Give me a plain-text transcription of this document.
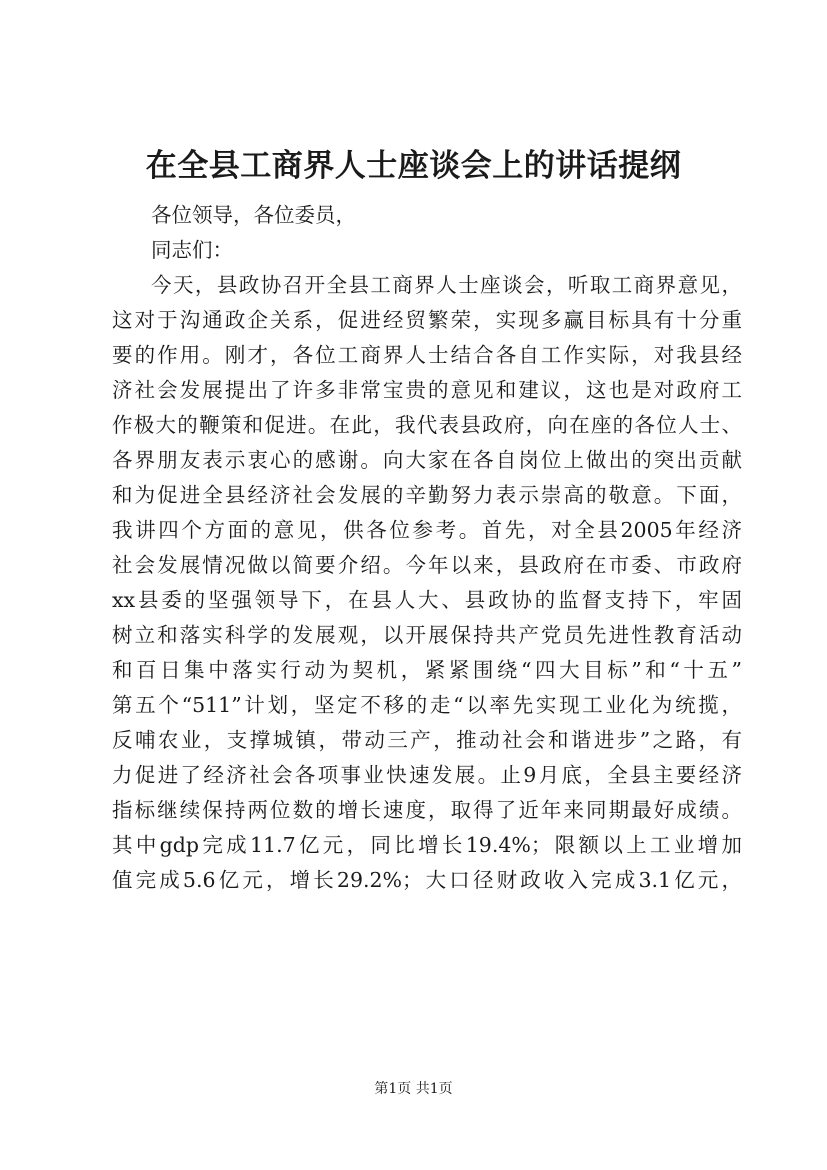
在全县工商界人士座谈会上的讲话提纲
各位领导，各位委员，
同志们：
今天，县政协召开全县工商界人士座谈会，听取工商界意见，
这对于沟通政企关系，促进经贸繁荣，实现多赢目标具有十分重
要的作用。刚才，各位工商界人士结合各自工作实际，对我县经
济社会发展提出了许多非常宝贵的意见和建议，这也是对政府工
作极大的鞭策和促进。在此，我代表县政府，向在座的各位人士、
各界朋友表示衷心的感谢。向大家在各自岗位上做出的突出贡献
和为促进全县经济社会发展的辛勤努力表示崇高的敬意。下面，
我讲四个方面的意见，供各位参考。首先，对全县2005年经济
社会发展情况做以简要介绍。今年以来，县政府在市委、市政府
xx县委的坚强领导下，在县人大、县政协的监督支持下，牢固
树立和落实科学的发展观，以开展保持共产党员先进性教育活动
和百日集中落实行动为契机，紧紧围绕“四大目标”和“十五”
第五个“511”计划，坚定不移的走“以率先实现工业化为统揽，
反哺农业，支撑城镇，带动三产，推动社会和谐进步”之路，有
力促进了经济社会各项事业快速发展。止9月底，全县主要经济
指标继续保持两位数的增长速度，取得了近年来同期最好成绩。
其中gdp完成11.7亿元，同比增长19.4%；限额以上工业增加
值完成5.6亿元，增长29.2%；大口径财政收入完成3.1亿元，
第1页 共1页
